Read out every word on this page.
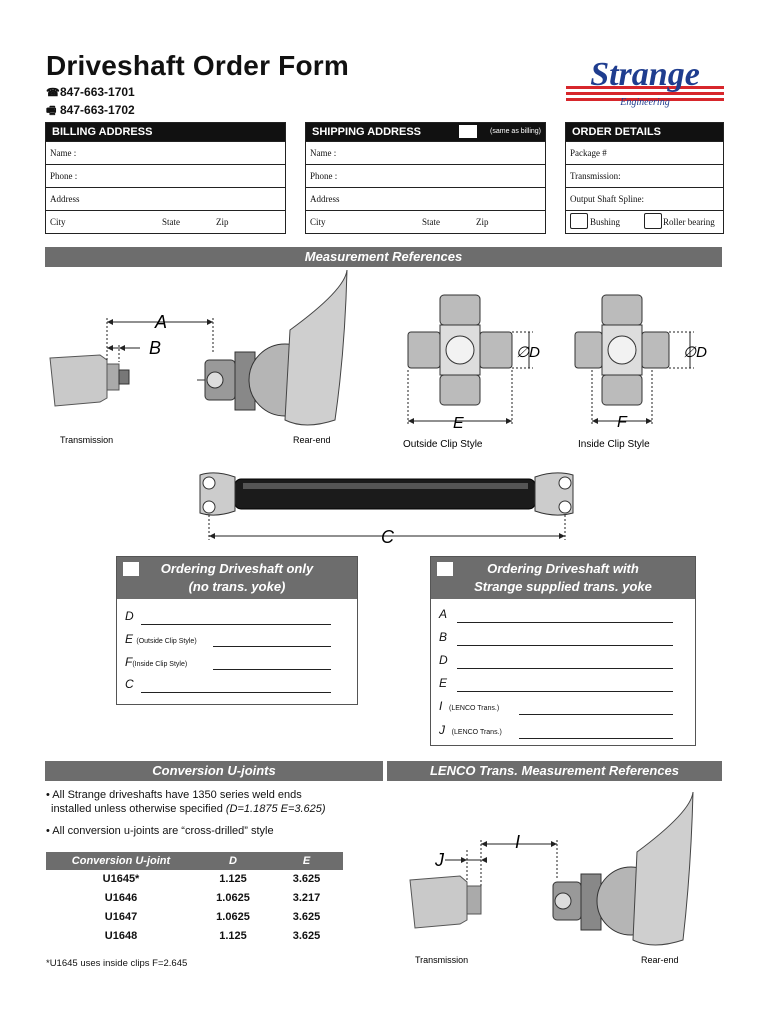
Driveshaft Order Form
☎847-663-1701
🖷 847-663-1702
Strange
Engineering
BILLING ADDRESS
Name :
Phone :
Address
City	State	Zip
SHIPPING ADDRESS	(same as billing)
Name :
Phone :
Address
City	State	Zip
ORDER DETAILS
Package #
Transmission:
Output Shaft Spline:
Bushing	Roller bearing
Measurement References
A
B
Transmission	Rear-end
E
∅D
Outside Clip Style
F
∅D
Inside Clip Style
C
Ordering Driveshaft only
(no trans. yoke)
D
E (Outside Clip Style)
F(Inside Clip Style)
C
Ordering Driveshaft with
Strange supplied trans. yoke
A
B
D
E
I (LENCO Trans.)
J (LENCO Trans.)
Conversion U-joints	LENCO Trans. Measurement References
• All Strange driveshafts have 1350 series weld ends
installed unless otherwise specified (D=1.1875 E=3.625)
• All conversion u-joints are “cross-drilled” style
Conversion U-joint	D	E
U1645*	1.125	3.625
U1646	1.0625	3.217
U1647	1.0625	3.625
U1648	1.125	3.625
*U1645 uses inside clips F=2.645
I
J
Transmission	Rear-end
